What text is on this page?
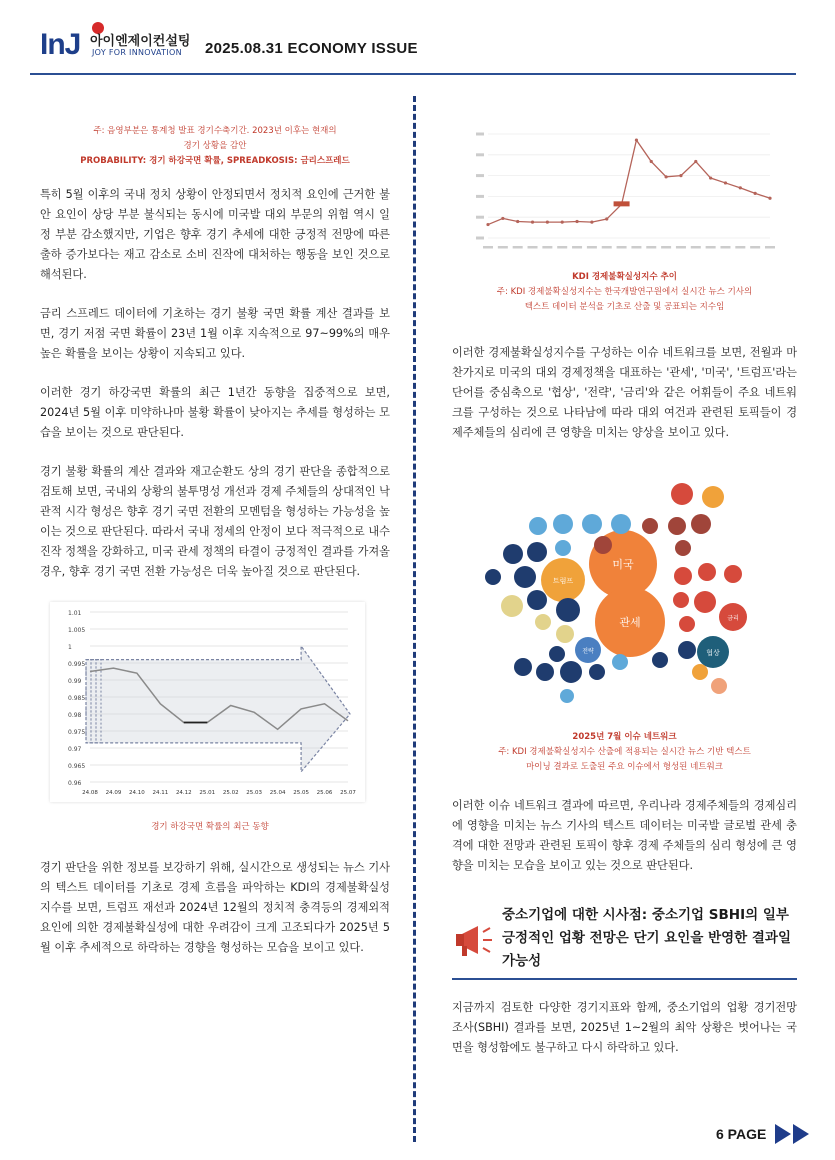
InJ 아이엔제이컨설팅
JOY FOR INNOVATION 2025.08.31 ECONOMY ISSUE
주: 음영부분은 통계청 발표 경기수축기간. 2023년 이후는 현재의
경기 상황을 감안
PROBABILITY: 경기 하강국면 확률, SPREADKOSIS: 금리스프레드

특히 5월 이후의 국내 정치 상황이 안정되면서 정치적 요인에 근거한 불안 요인이 상당 부분 불식되는 동시에 미국발 대외 부문의 위험 역시 일정 부분 감소했지만, 기업은 향후 경기 추세에 대한 긍정적 전망에 따른 출하 증가보다는 재고 감소로 소비 진작에 대처하는 행동을 보인 것으로 해석된다.

금리 스프레드 데이터에 기초하는 경기 불황 국면 확률 계산 결과를 보면, 경기 저점 국면 확률이 23년 1월 이후 지속적으로 97~99%의 매우 높은 확률을 보이는 상황이 지속되고 있다.

이러한 경기 하강국면 확률의 최근 1년간 동향을 집중적으로 보면, 2024년 5월 이후 미약하나마 불황 확률이 낮아지는 추세를 형성하는 모습을 보이는 것으로 판단된다.

경기 불황 확률의 계산 결과와 재고순환도 상의 경기 판단을 종합적으로 검토해 보면, 국내외 상황의 불투명성 개선과 경제 주체들의 상대적인 낙관적 시각 형성은 향후 경기 국면 전환의 모멘텀을 형성하는 가능성을 높이는 것으로 판단된다. 따라서 국내 정세의 안정이 보다 적극적으로 내수 진작 정책을 강화하고, 미국 관세 정책의 타결이 긍정적인 결과를 가져올 경우, 향후 경기 국면 전환 가능성은 더욱 높아질 것으로 판단된다.

1.01
1.005
1
0.995
0.99
0.985
0.98
0.975
0.97
0.965
0.96
24.08 24.09 24.10 24.11 24.12 25.01 25.02 25.03 25.04 25.05 25.06 25.07
경기 하강국면 확률의 최근 동향

경기 판단을 위한 정보를 보강하기 위해, 실시간으로 생성되는 뉴스 기사의 텍스트 데이터를 기초로 경제 흐름을 파악하는 KDI의 경제불확실성지수를 보면, 트럼프 재선과 2024년 12월의 정치적 충격등의 경제외적 요인에 의한 경제불확실성에 대한 우려감이 크게 고조되다가 2025년 5월 이후 추세적으로 하락하는 경향을 형성하는 모습을 보이고 있다.

KDI 경제불확실성지수 추이
주: KDI 경제불확실성지수는 한국개발연구원에서 실시간 뉴스 기사의
텍스트 데이터 분석을 기초로 산출 및 공표되는 지수임

이러한 경제불확실성지수를 구성하는 이슈 네트워크를 보면, 전월과 마찬가지로 미국의 대외 경제정책을 대표하는 '관세', '미국', '트럼프'라는 단어를 중심축으로 '협상', '전략', '금리'와 같은 어휘들이 주요 네트워크를 구성하는 것으로 나타남에 따라 대외 여건과 관련된 토픽들이 경제주체들의 심리에 큰 영향을 미치는 양상을 보이고 있다.

미국
관세
트럼프
협상
전략
금리
2025년 7월 이슈 네트워크
주: KDI 경제불확실성지수 산출에 적용되는 실시간 뉴스 기반 텍스트
마이닝 결과로 도출된 주요 이슈에서 형성된 네트워크

이러한 이슈 네트워크 결과에 따르면, 우리나라 경제주체들의 경제심리에 영향을 미치는 뉴스 기사의 텍스트 데이터는 미국발 글로벌 관세 충격에 대한 전망과 관련된 토픽이 향후 경제 주체들의 심리 형성에 큰 영향을 미치는 모습을 보이고 있는 것으로 판단된다.

중소기업에 대한 시사점: 중소기업 SBHI의 일부 긍정적인 업황 전망은 단기 요인을 반영한 결과일 가능성

지금까지 검토한 다양한 경기지표와 함께, 중소기업의 업황 경기전망 조사(SBHI) 결과를 보면, 2025년 1~2월의 최악 상황은 벗어나는 국면을 형성함에도 불구하고 다시 하락하고 있다.

6 PAGE
